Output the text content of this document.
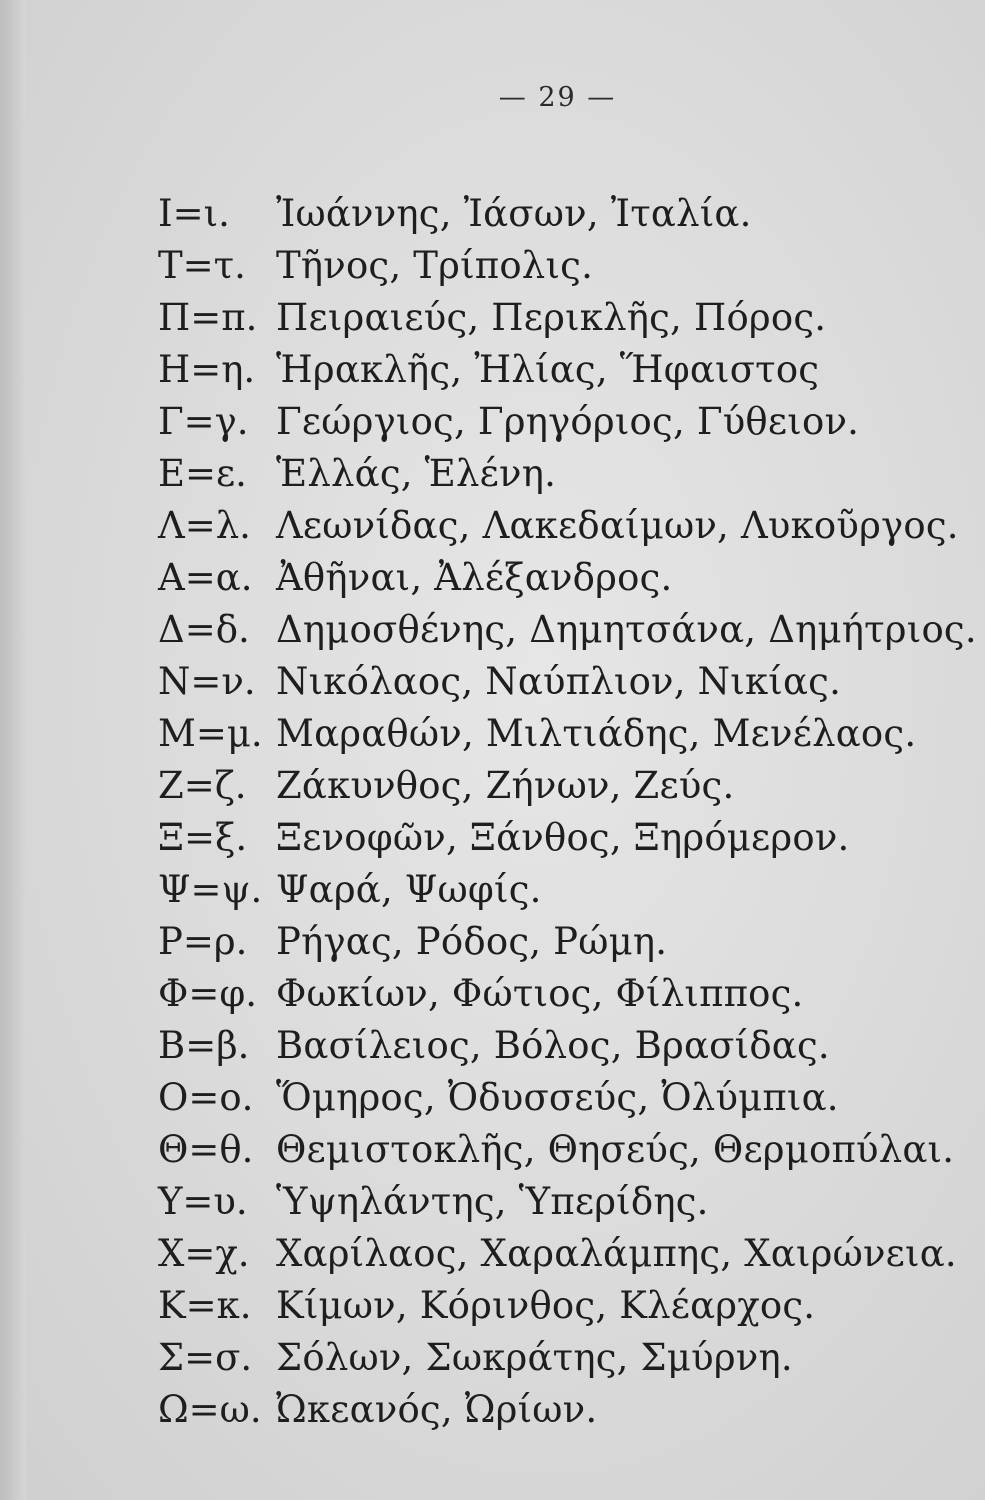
— 29 —
Ι=ι.	Ἰωάννης, Ἰάσων, Ἰταλία.
Τ=τ. Τῆνος, Τρίπολις.
Π=π. Πειραιεύς, Περικλῆς, Πόρος.
Η=η. Ἡρακλῆς, Ἠλίας, Ἥφαιστος
Γ=γ. Γεώργιος, Γρηγόριος, Γύθειον.
Ε=ε. Ἑλλάς, Ἑλένη.
Λ=λ. Λεωνίδας, Λακεδαίμων, Λυκοῦργος.
Α=α. Ἀθῆναι, Ἀλέξανδρος.
Δ=δ. Δημοσθένης, Δημητσάνα, Δημήτριος.
Ν=ν. Νικόλαος, Ναύπλιον, Νικίας.
Μ=μ. Μαραθών, Μιλτιάδης, Μενέλαος.
Ζ=ζ. Ζάκυνθος, Ζήνων, Ζεύς.
Ξ=ξ. Ξενοφῶν, Ξάνθος, Ξηρόμερον.
Ψ=ψ. Ψαρά, Ψωφίς.
Ρ=ρ. Ρήγας, Ρόδος, Ρώμη.
Φ=φ. Φωκίων, Φώτιος, Φίλιππος.
Β=β. Βασίλειος, Βόλος, Βρασίδας.
Ο=ο. Ὅμηρος, Ὀδυσσεύς, Ὀλύμπια.
Θ=θ. Θεμιστοκλῆς, Θησεύς, Θερμοπύλαι.
Υ=υ. Ὑψηλάντης, Ὑπερίδης.
Χ=χ. Χαρίλαος, Χαραλάμπης, Χαιρώνεια.
Κ=κ. Κίμων, Κόρινθος, Κλέαρχος.
Σ=σ. Σόλων, Σωκράτης, Σμύρνη.
Ω=ω. Ὠκεανός, Ὠρίων.
